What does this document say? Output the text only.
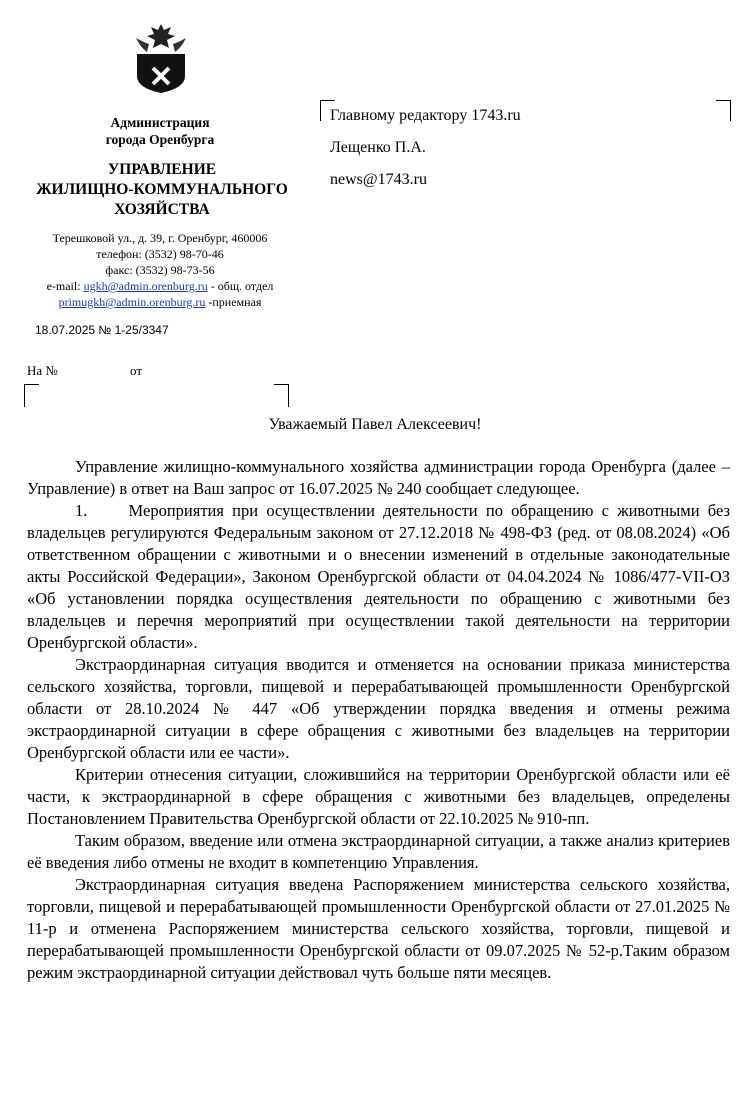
Администрация
города Оренбурга
УПРАВЛЕНИЕ
ЖИЛИЩНО-КОММУНАЛЬНОГО
ХОЗЯЙСТВА
Терешковой ул., д. 39, г. Оренбург, 460006
телефон: (3532) 98-70-46
факс: (3532) 98-73-56
e-mail: ugkh@admin.orenburg.ru - общ. отдел
primugkh@admin.orenburg.ru -приемная
18.07.2025 № 1-25/3347
На №	от
Главному редактору 1743.ru
Лещенко П.А.
news@1743.ru
Уважаемый Павел Алексеевич!

Управление жилищно-коммунального хозяйства администрации города Оренбурга (далее – Управление) в ответ на Ваш запрос от 16.07.2025 № 240 сообщает следующее.

1.     Мероприятия при осуществлении деятельности по обращению с животными без владельцев регулируются Федеральным законом от 27.12.2018 № 498-ФЗ (ред. от 08.08.2024) «Об ответственном обращении с животными и о внесении изменений в отдельные законодательные акты Российской Федерации», Законом Оренбургской области от 04.04.2024 № 1086/477-VII-ОЗ «Об установлении порядка осуществления деятельности по обращению с животными без владельцев и перечня мероприятий при осуществлении такой деятельности на территории Оренбургской области».

Экстраординарная ситуация вводится и отменяется на основании приказа министерства сельского хозяйства, торговли, пищевой и перерабатывающей промышленности Оренбургской области от 28.10.2024 № 447 «Об утверждении порядка введения и отмены режима экстраординарной ситуации в сфере обращения с животными без владельцев на территории Оренбургской области или ее части».

Критерии отнесения ситуации, сложившийся на территории Оренбургской области или её части, к экстраординарной в сфере обращения с животными без владельцев, определены Постановлением Правительства Оренбургской области от 22.10.2025 № 910-пп.

Таким образом, введение или отмена экстраординарной ситуации, а также анализ критериев её введения либо отмены не входит в компетенцию Управления.

Экстраординарная ситуация введена Распоряжением министерства сельского хозяйства, торговли, пищевой и перерабатывающей промышленности Оренбургской области от 27.01.2025 № 11-р и отменена Распоряжением министерства сельского хозяйства, торговли, пищевой и перерабатывающей промышленности Оренбургской области от 09.07.2025 № 52-р.Таким образом режим экстраординарной ситуации действовал чуть больше пяти месяцев.
